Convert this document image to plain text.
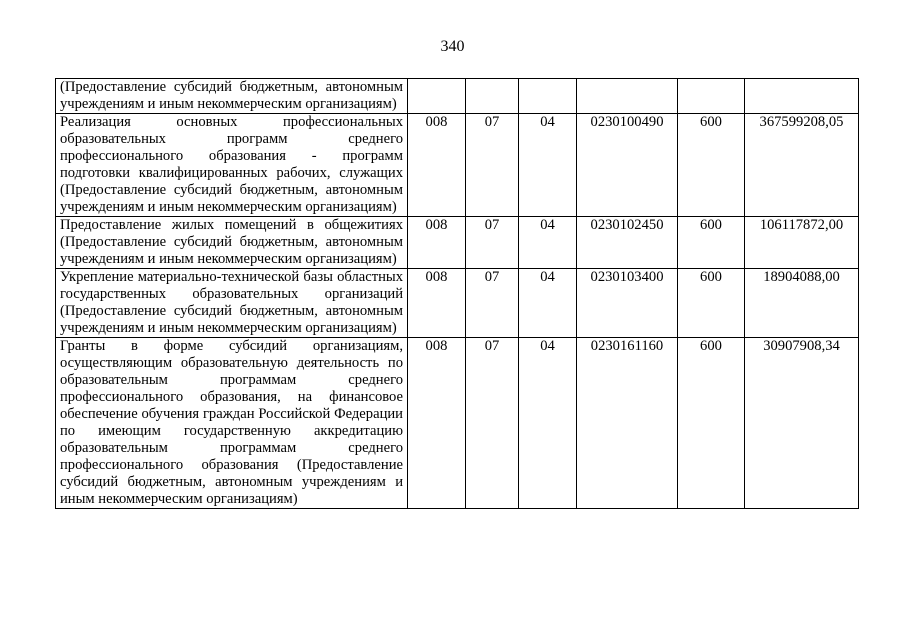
340
(Предоставление субсидий бюджетным, автономным учреждениям и иным некоммерческим организациям)						
Реализация основных профессиональных образовательных программ среднего профессионального образования - программ подготовки квалифицированных рабочих, служащих (Предоставление субсидий бюджетным, автономным учреждениям и иным некоммерческим организациям)	008	07	04	0230100490	600	367599208,05
Предоставление жилых помещений в общежитиях (Предоставление субсидий бюджетным, автономным учреждениям и иным некоммерческим организациям)	008	07	04	0230102450	600	106117872,00
Укрепление материально-технической базы областных государственных образовательных организаций (Предоставление субсидий бюджетным, автономным учреждениям и иным некоммерческим организациям)	008	07	04	0230103400	600	18904088,00
Гранты в форме субсидий организациям, осуществляющим образовательную деятельность по образовательным программам среднего профессионального образования, на финансовое обеспечение обучения граждан Российской Федерации по имеющим государственную аккредитацию образовательным программам среднего профессионального образования (Предоставление субсидий бюджетным, автономным учреждениям и иным некоммерческим организациям)	008	07	04	0230161160	600	30907908,34
